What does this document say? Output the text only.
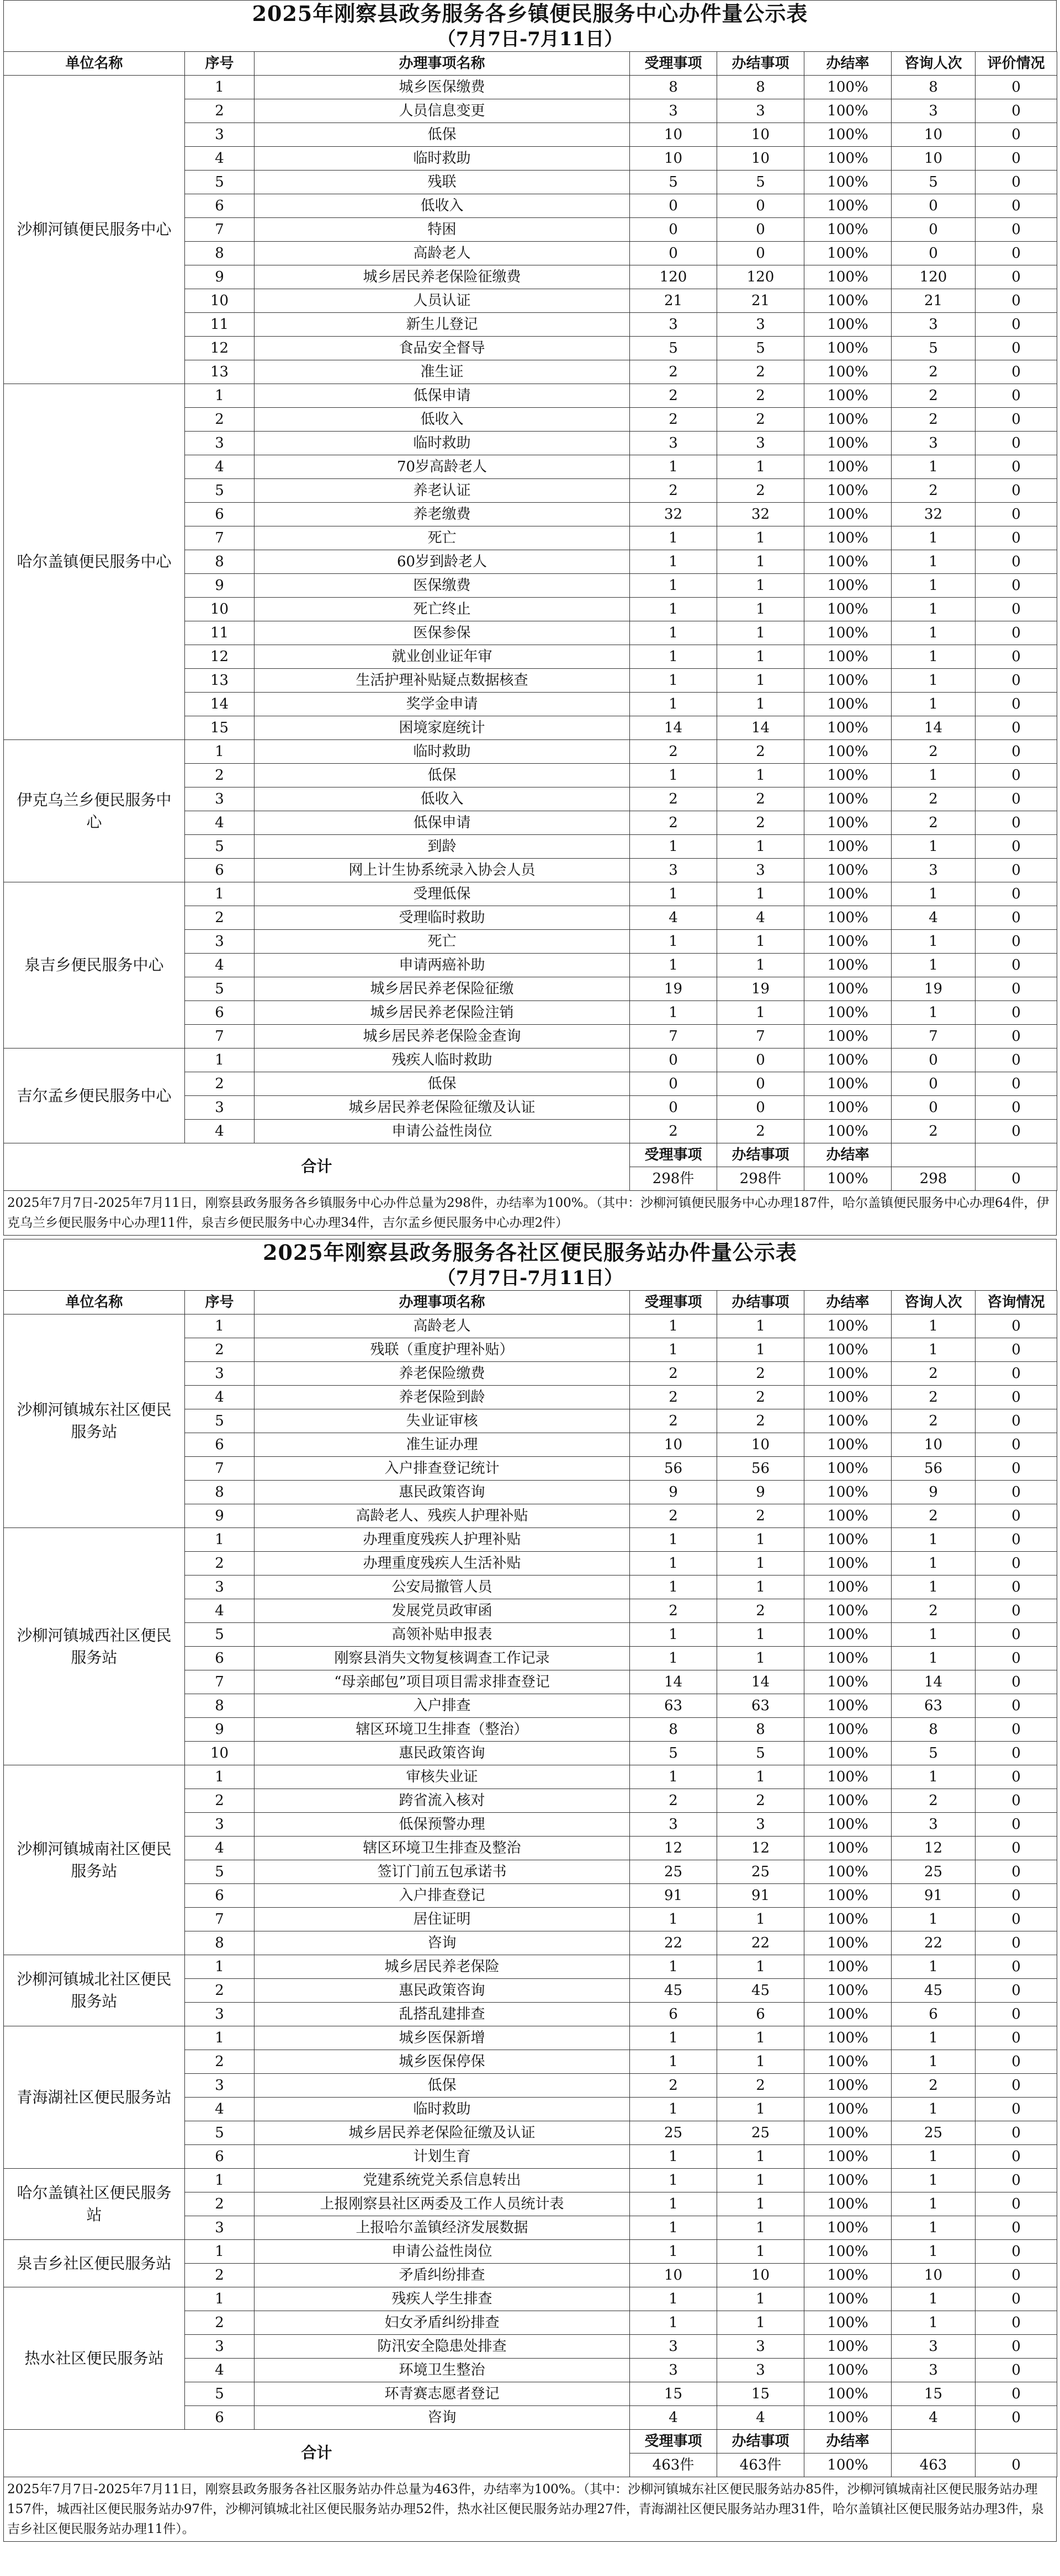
2025年刚察县政务服务各乡镇便民服务中心办件量公示表
（7月7日-7月11日）
单位名称	序号	办理事项名称	受理事项	办结事项	办结率	咨询人次	评价情况
沙柳河镇便民服务中心	1	城乡医保缴费	8	8	100%	8	0
	2	人员信息变更	3	3	100%	3	0
	3	低保	10	10	100%	10	0
	4	临时救助	10	10	100%	10	0
	5	残联	5	5	100%	5	0
	6	低收入	0	0	100%	0	0
	7	特困	0	0	100%	0	0
	8	高龄老人	0	0	100%	0	0
	9	城乡居民养老保险征缴费	120	120	100%	120	0
	10	人员认证	21	21	100%	21	0
	11	新生儿登记	3	3	100%	3	0
	12	食品安全督导	5	5	100%	5	0
	13	准生证	2	2	100%	2	0
哈尔盖镇便民服务中心	1	低保申请	2	2	100%	2	0
	2	低收入	2	2	100%	2	0
	3	临时救助	3	3	100%	3	0
	4	70岁高龄老人	1	1	100%	1	0
	5	养老认证	2	2	100%	2	0
	6	养老缴费	32	32	100%	32	0
	7	死亡	1	1	100%	1	0
	8	60岁到龄老人	1	1	100%	1	0
	9	医保缴费	1	1	100%	1	0
	10	死亡终止	1	1	100%	1	0
	11	医保参保	1	1	100%	1	0
	12	就业创业证年审	1	1	100%	1	0
	13	生活护理补贴疑点数据核查	1	1	100%	1	0
	14	奖学金申请	1	1	100%	1	0
	15	困境家庭统计	14	14	100%	14	0
伊克乌兰乡便民服务中心	1	临时救助	2	2	100%	2	0
	2	低保	1	1	100%	1	0
	3	低收入	2	2	100%	2	0
	4	低保申请	2	2	100%	2	0
	5	到龄	1	1	100%	1	0
	6	网上计生协系统录入协会人员	3	3	100%	3	0
泉吉乡便民服务中心	1	受理低保	1	1	100%	1	0
	2	受理临时救助	4	4	100%	4	0
	3	死亡	1	1	100%	1	0
	4	申请两癌补助	1	1	100%	1	0
	5	城乡居民养老保险征缴	19	19	100%	19	0
	6	城乡居民养老保险注销	1	1	100%	1	0
	7	城乡居民养老保险金查询	7	7	100%	7	0
吉尔孟乡便民服务中心	1	残疾人临时救助	0	0	100%	0	0
	2	低保	0	0	100%	0	0
	3	城乡居民养老保险征缴及认证	0	0	100%	0	0
	4	申请公益性岗位	2	2	100%	2	0
合计			受理事项	办结事项	办结率		
			298件	298件	100%	298	0
2025年7月7日-2025年7月11日，刚察县政务服务各乡镇服务中心办件总量为298件，办结率为100%。（其中：沙柳河镇便民服务中心办理187件，哈尔盖镇便民服务中心办理64件，伊克乌兰乡便民服务中心办理11件，泉吉乡便民服务中心办理34件，吉尔孟乡便民服务中心办理2件）
2025年刚察县政务服务各社区便民服务站办件量公示表
（7月7日-7月11日）
单位名称	序号	办理事项名称	受理事项	办结事项	办结率	咨询人次	咨询情况
沙柳河镇城东社区便民服务站	1	高龄老人	1	1	100%	1	0
	2	残联（重度护理补贴）	1	1	100%	1	0
	3	养老保险缴费	2	2	100%	2	0
	4	养老保险到龄	2	2	100%	2	0
	5	失业证审核	2	2	100%	2	0
	6	准生证办理	10	10	100%	10	0
	7	入户排查登记统计	56	56	100%	56	0
	8	惠民政策咨询	9	9	100%	9	0
	9	高龄老人、残疾人护理补贴	2	2	100%	2	0
沙柳河镇城西社区便民服务站	1	办理重度残疾人护理补贴	1	1	100%	1	0
	2	办理重度残疾人生活补贴	1	1	100%	1	0
	3	公安局撤管人员	1	1	100%	1	0
	4	发展党员政审函	2	2	100%	2	0
	5	高领补贴申报表	1	1	100%	1	0
	6	刚察县消失文物复核调查工作记录	1	1	100%	1	0
	7	“母亲邮包”项目项目需求排查登记	14	14	100%	14	0
	8	入户排查	63	63	100%	63	0
	9	辖区环境卫生排查（整治）	8	8	100%	8	0
	10	惠民政策咨询	5	5	100%	5	0
沙柳河镇城南社区便民服务站	1	审核失业证	1	1	100%	1	0
	2	跨省流入核对	2	2	100%	2	0
	3	低保预警办理	3	3	100%	3	0
	4	辖区环境卫生排查及整治	12	12	100%	12	0
	5	签订门前五包承诺书	25	25	100%	25	0
	6	入户排查登记	91	91	100%	91	0
	7	居住证明	1	1	100%	1	0
	8	咨询	22	22	100%	22	0
沙柳河镇城北社区便民服务站	1	城乡居民养老保险	1	1	100%	1	0
	2	惠民政策咨询	45	45	100%	45	0
	3	乱搭乱建排查	6	6	100%	6	0
青海湖社区便民服务站	1	城乡医保新增	1	1	100%	1	0
	2	城乡医保停保	1	1	100%	1	0
	3	低保	2	2	100%	2	0
	4	临时救助	1	1	100%	1	0
	5	城乡居民养老保险征缴及认证	25	25	100%	25	0
	6	计划生育	1	1	100%	1	0
哈尔盖镇社区便民服务站	1	党建系统党关系信息转出	1	1	100%	1	0
	2	上报刚察县社区两委及工作人员统计表	1	1	100%	1	0
	3	上报哈尔盖镇经济发展数据	1	1	100%	1	0
泉吉乡社区便民服务站	1	申请公益性岗位	1	1	100%	1	0
	2	矛盾纠纷排查	10	10	100%	10	0
热水社区便民服务站	1	残疾人学生排查	1	1	100%	1	0
	2	妇女矛盾纠纷排查	1	1	100%	1	0
	3	防汛安全隐患处排查	3	3	100%	3	0
	4	环境卫生整治	3	3	100%	3	0
	5	环青赛志愿者登记	15	15	100%	15	0
	6	咨询	4	4	100%	4	0
合计			受理事项	办结事项	办结率		
			463件	463件	100%	463	0
2025年7月7日-2025年7月11日，刚察县政务服务各社区服务站办件总量为463件，办结率为100%。（其中：沙柳河镇城东社区便民服务站办85件，沙柳河镇城南社区便民服务站办理157件，城西社区便民服务站办97件，沙柳河镇城北社区便民服务站办理52件，热水社区便民服务站办理27件，青海湖社区便民服务站办理31件，哈尔盖镇社区便民服务站办理3件，泉吉乡社区便民服务站办理11件）。
